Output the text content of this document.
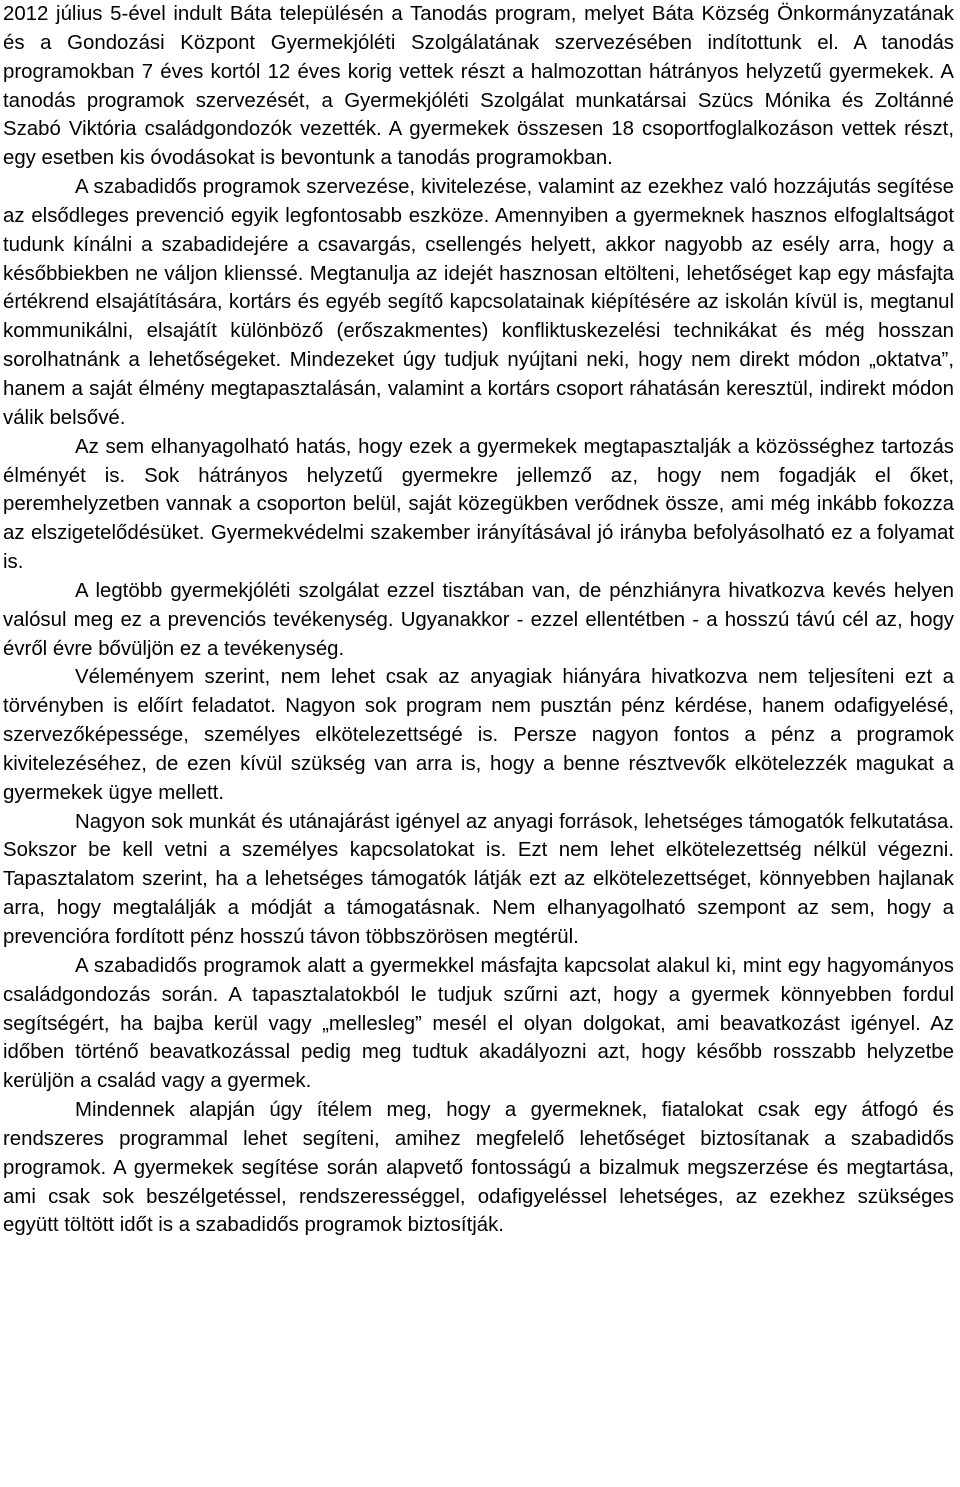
2012 július 5-ével indult Báta településén a Tanodás program, melyet Báta Község Önkormányzatának és a Gondozási Központ Gyermekjóléti Szolgálatának szervezésében indítottunk el. A tanodás programokban 7 éves kortól 12 éves korig vettek részt a halmozottan hátrányos helyzetű gyermekek. A tanodás programok szervezését, a Gyermekjóléti Szolgálat munkatársai Szücs Mónika és Zoltánné Szabó Viktória családgondozók vezették. A gyermekek összesen 18 csoportfoglalkozáson vettek részt, egy esetben kis óvodásokat is bevontunk a tanodás programokban.

A szabadidős programok szervezése, kivitelezése, valamint az ezekhez való hozzájutás segítése az elsődleges prevenció egyik legfontosabb eszköze. Amennyiben a gyermeknek hasznos elfoglaltságot tudunk kínálni a szabadidejére a csavargás, csellengés helyett, akkor nagyobb az esély arra, hogy a későbbiekben ne váljon klienssé. Megtanulja az idejét hasznosan eltölteni, lehetőséget kap egy másfajta értékrend elsajátítására, kortárs és egyéb segítő kapcsolatainak kiépítésére az iskolán kívül is, megtanul kommunikálni, elsajátít különböző (erőszakmentes) konfliktuskezelési technikákat és még hosszan sorolhatnánk a lehetőségeket. Mindezeket úgy tudjuk nyújtani neki, hogy nem direkt módon „oktatva”, hanem a saját élmény megtapasztalásán, valamint a kortárs csoport ráhatásán keresztül, indirekt módon válik belsővé.

Az sem elhanyagolható hatás, hogy ezek a gyermekek megtapasztalják a közösséghez tartozás élményét is. Sok hátrányos helyzetű gyermekre jellemző az, hogy nem fogadják el őket, peremhelyzetben vannak a csoporton belül, saját közegükben verődnek össze, ami még inkább fokozza az elszigetelődésüket. Gyermekvédelmi szakember irányításával jó irányba befolyásolható ez a folyamat is.

A legtöbb gyermekjóléti szolgálat ezzel tisztában van, de pénzhiányra hivatkozva kevés helyen valósul meg ez a prevenciós tevékenység. Ugyanakkor - ezzel ellentétben - a hosszú távú cél az, hogy évről évre bővüljön ez a tevékenység.

Véleményem szerint, nem lehet csak az anyagiak hiányára hivatkozva nem teljesíteni ezt a törvényben is előírt feladatot. Nagyon sok program nem pusztán pénz kérdése, hanem odafigyelésé, szervezőképessége, személyes elkötelezettségé is. Persze nagyon fontos a pénz a programok kivitelezéséhez, de ezen kívül szükség van arra is, hogy a benne résztvevők elkötelezzék magukat a gyermekek ügye mellett.

Nagyon sok munkát és utánajárást igényel az anyagi források, lehetséges támogatók felkutatása. Sokszor be kell vetni a személyes kapcsolatokat is. Ezt nem lehet elkötelezettség nélkül végezni. Tapasztalatom szerint, ha a lehetséges támogatók látják ezt az elkötelezettséget, könnyebben hajlanak arra, hogy megtalálják a módját a támogatásnak. Nem elhanyagolható szempont az sem, hogy a prevencióra fordított pénz hosszú távon többszörösen megtérül.

A szabadidős programok alatt a gyermekkel másfajta kapcsolat alakul ki, mint egy hagyományos családgondozás során. A tapasztalatokból le tudjuk szűrni azt, hogy a gyermek könnyebben fordul segítségért, ha bajba kerül vagy „mellesleg” mesél el olyan dolgokat, ami beavatkozást igényel. Az időben történő beavatkozással pedig meg tudtuk akadályozni azt, hogy később rosszabb helyzetbe kerüljön a család vagy a gyermek.

Mindennek alapján úgy ítélem meg, hogy a gyermeknek, fiatalokat csak egy átfogó és rendszeres programmal lehet segíteni, amihez megfelelő lehetőséget biztosítanak a szabadidős programok. A gyermekek segítése során alapvető fontosságú a bizalmuk megszerzése és megtartása, ami csak sok beszélgetéssel, rendszerességgel, odafigyeléssel lehetséges, az ezekhez szükséges együtt töltött időt is a szabadidős programok biztosítják.
